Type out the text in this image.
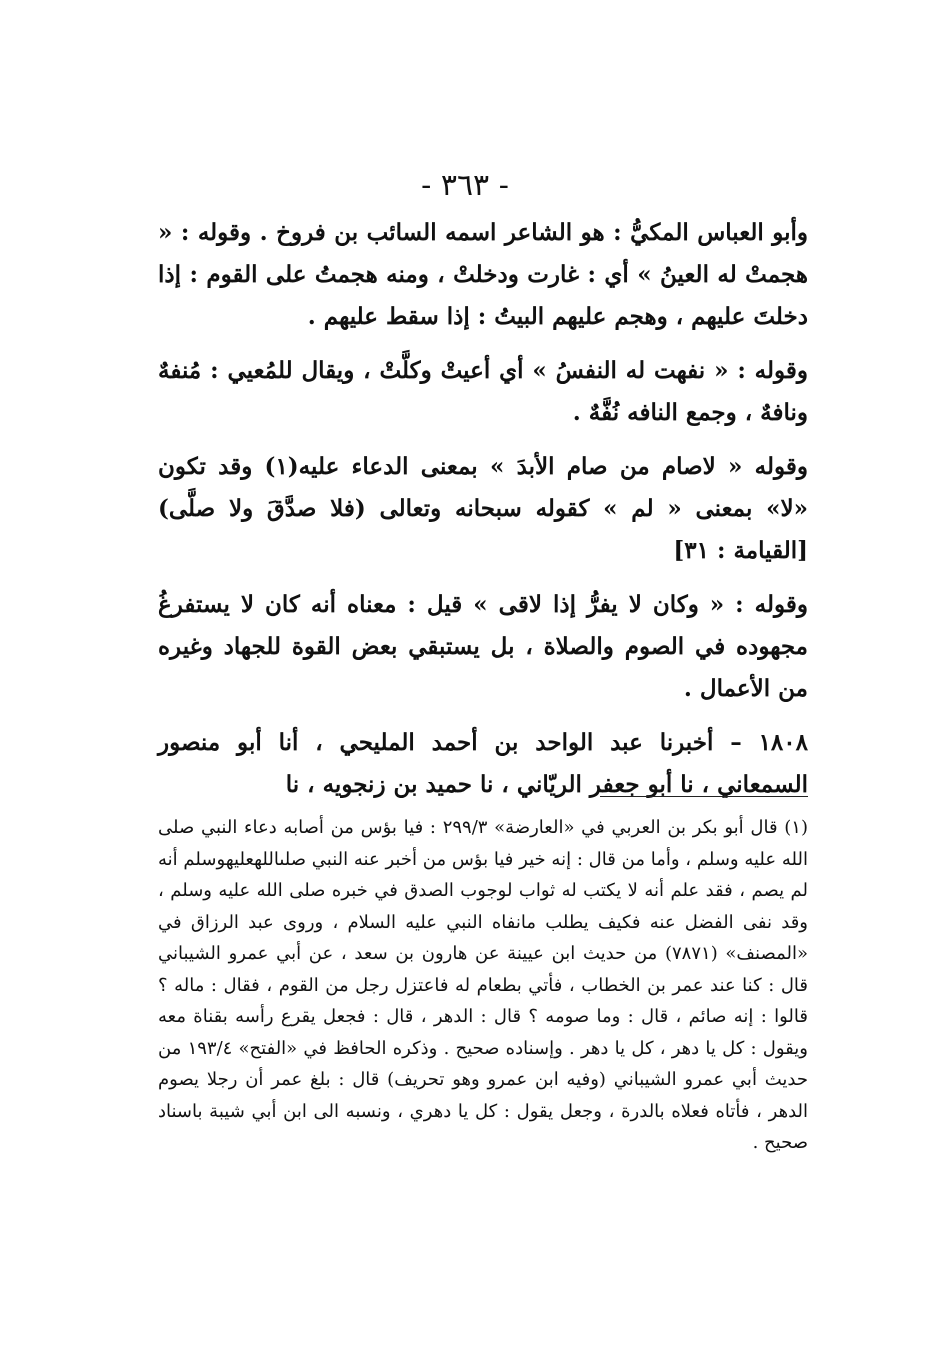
- ٣٦٣ -

وأبو العباس المكيُّ : هو الشاعر اسمه السائب بن فروخ . وقوله : « هجمتْ له العينُ » أي : غارت ودخلتْ ، ومنه هجمتُ على القوم : إذا دخلتَ عليهم ، وهجم عليهم البيتُ : إذا سقط عليهم .

وقوله : « نفهت له النفسُ » أي أعيتْ وكلَّتْ ، ويقال للمُعيي : مُنفهٌ ونافهٌ ، وجمع النافه نُفَّهٌ .

وقوله « لاصام من صام الأبدَ » بمعنى الدعاء عليه(١) وقد تكون «لا» بمعنى « لم » كقوله سبحانه وتعالى (فلا صدَّقَ ولا صلَّى) [القيامة : ٣١]

وقوله : « وكان لا يفرُّ إذا لاقى » قيل : معناه أنه كان لا يستفرغُ مجهوده في الصوم والصلاة ، بل يستبقي بعض القوة للجهاد وغيره من الأعمال .

١٨٠٨ – أخبرنا عبد الواحد بن أحمد المليحي ، أنا أبو منصور السمعاني ، نا أبو جعفر الريّاني ، نا حميد بن زنجويه ، نا

(١) قال أبو بكر بن العربي في «العارضة» ٢٩٩/٣ : فيا بؤس من أصابه دعاء النبي صلى الله عليه وسلم ، وأما من قال : إنه خير فيا بؤس من أخبر عنه النبي صلىاللهعليهوسلم أنه لم يصم ، فقد علم أنه لا يكتب له ثواب لوجوب الصدق في خبره صلى الله عليه وسلم ، وقد نفى الفضل عنه فكيف يطلب مانفاه النبي عليه السلام ، وروى عبد الرزاق في «المصنف» (٧٨٧١) من حديث ابن عيينة عن هارون بن سعد ، عن أبي عمرو الشيباني قال : كنا عند عمر بن الخطاب ، فأتي بطعام له فاعتزل رجل من القوم ، فقال : ماله ؟ قالوا : إنه صائم ، قال : وما صومه ؟ قال : الدهر ، قال : فجعل يقرع رأسه بقناة معه ويقول : كل يا دهر ، كل يا دهر . وإسناده صحيح . وذكره الحافظ في «الفتح» ١٩٣/٤ من حديث أبي عمرو الشيباني (وفيه ابن عمرو وهو تحريف) قال : بلغ عمر أن رجلا يصوم الدهر ، فأتاه فعلاه بالدرة ، وجعل يقول : كل يا دهري ، ونسبه الى ابن أبي شيبة باسناد صحيح .
